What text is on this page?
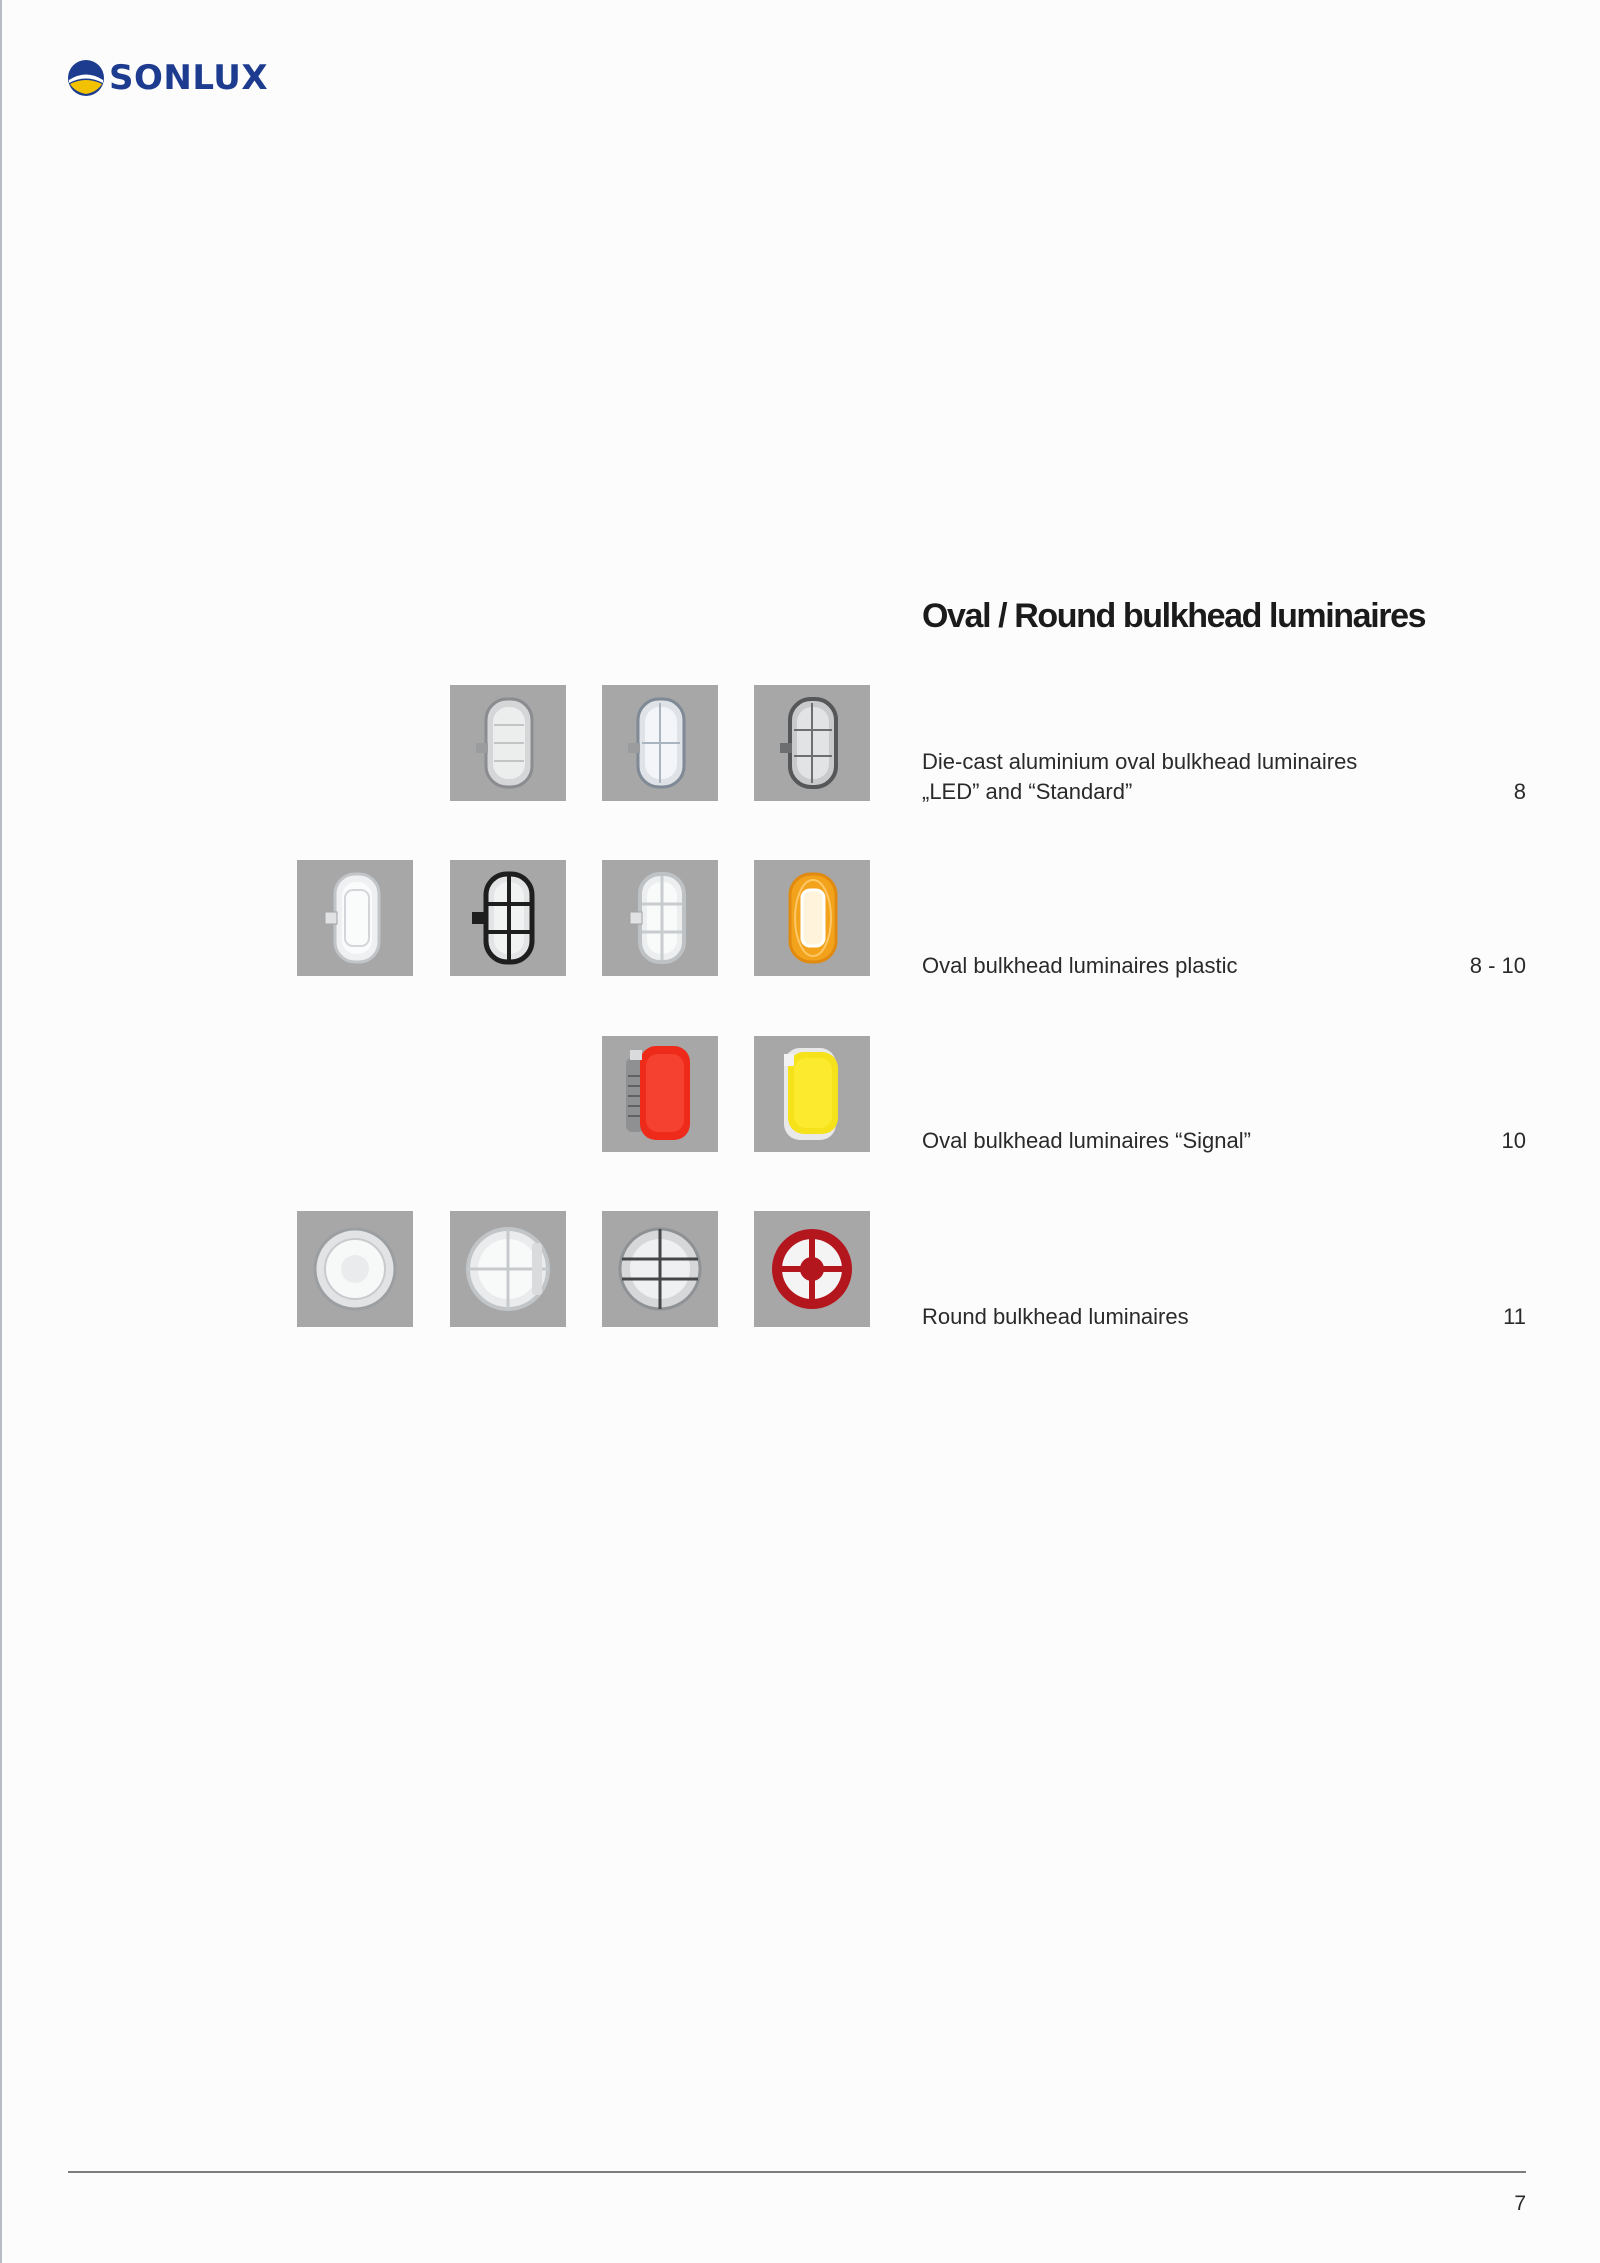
SONLUX
Oval / Round bulkhead luminaires
Die-cast aluminium oval bulkhead luminaires
„LED” and “Standard”	8
Oval bulkhead luminaires plastic	8 - 10
Oval bulkhead luminaires “Signal”	10
Round bulkhead luminaires	11
7
